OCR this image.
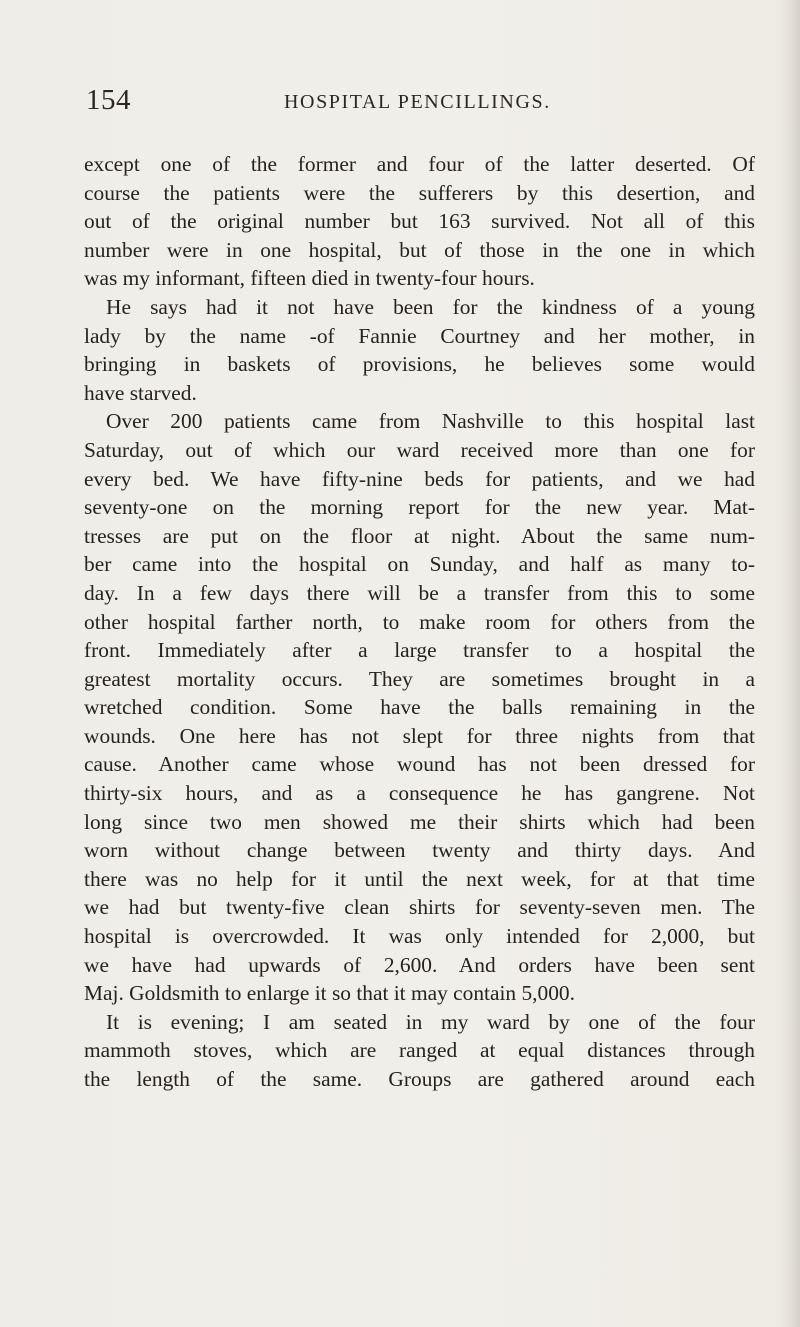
154	HOSPITAL PENCILLINGS.
except one of the former and four of the latter deserted. Of
course the patients were the sufferers by this desertion, and
out of the original number but 163 survived. Not all of this
number were in one hospital, but of those in the one in which
was my informant, fifteen died in twenty-four hours.
He says had it not have been for the kindness of a young
lady by the name -of Fannie Courtney and her mother, in
bringing in baskets of provisions, he believes some would
have starved.
Over 200 patients came from Nashville to this hospital last
Saturday, out of which our ward received more than one for
every bed. We have fifty-nine beds for patients, and we had
seventy-one on the morning report for the new year. Mat-
tresses are put on the floor at night. About the same num-
ber came into the hospital on Sunday, and half as many to-
day. In a few days there will be a transfer from this to some
other hospital farther north, to make room for others from the
front. Immediately after a large transfer to a hospital the
greatest mortality occurs. They are sometimes brought in a
wretched condition. Some have the balls remaining in the
wounds. One here has not slept for three nights from that
cause. Another came whose wound has not been dressed for
thirty-six hours, and as a consequence he has gangrene. Not
long since two men showed me their shirts which had been
worn without change between twenty and thirty days. And
there was no help for it until the next week, for at that time
we had but twenty-five clean shirts for seventy-seven men. The
hospital is overcrowded. It was only intended for 2,000, but
we have had upwards of 2,600. And orders have been sent
Maj. Goldsmith to enlarge it so that it may contain 5,000.
It is evening; I am seated in my ward by one of the four
mammoth stoves, which are ranged at equal distances through
the length of the same. Groups are gathered around each
